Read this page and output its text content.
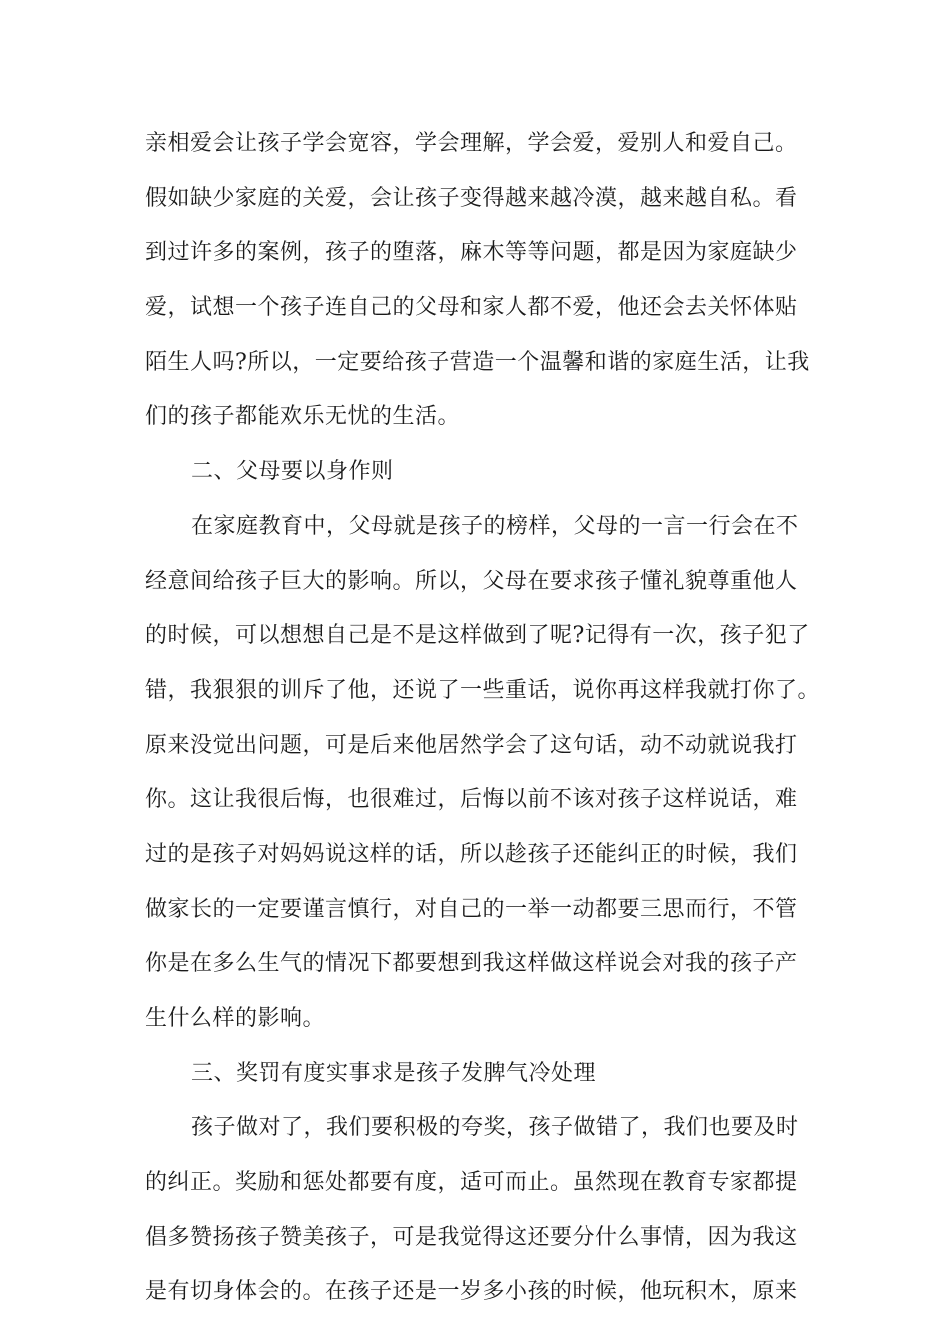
亲相爱会让孩子学会宽容，学会理解，学会爱，爱别人和爱自己。
假如缺少家庭的关爱，会让孩子变得越来越冷漠，越来越自私。看
到过许多的案例，孩子的堕落，麻木等等问题，都是因为家庭缺少
爱，试想一个孩子连自己的父母和家人都不爱，他还会去关怀体贴
陌生人吗?所以，一定要给孩子营造一个温馨和谐的家庭生活，让我
们的孩子都能欢乐无忧的生活。
二、父母要以身作则
在家庭教育中，父母就是孩子的榜样，父母的一言一行会在不
经意间给孩子巨大的影响。所以，父母在要求孩子懂礼貌尊重他人
的时候，可以想想自己是不是这样做到了呢?记得有一次，孩子犯了
错，我狠狠的训斥了他，还说了一些重话，说你再这样我就打你了。
原来没觉出问题，可是后来他居然学会了这句话，动不动就说我打
你。这让我很后悔，也很难过，后悔以前不该对孩子这样说话，难
过的是孩子对妈妈说这样的话，所以趁孩子还能纠正的时候，我们
做家长的一定要谨言慎行，对自己的一举一动都要三思而行，不管
你是在多么生气的情况下都要想到我这样做这样说会对我的孩子产
生什么样的影响。
三、奖罚有度实事求是孩子发脾气冷处理
孩子做对了，我们要积极的夸奖，孩子做错了，我们也要及时
的纠正。奖励和惩处都要有度，适可而止。虽然现在教育专家都提
倡多赞扬孩子赞美孩子，可是我觉得这还要分什么事情，因为我这
是有切身体会的。在孩子还是一岁多小孩的时候，他玩积木，原来
